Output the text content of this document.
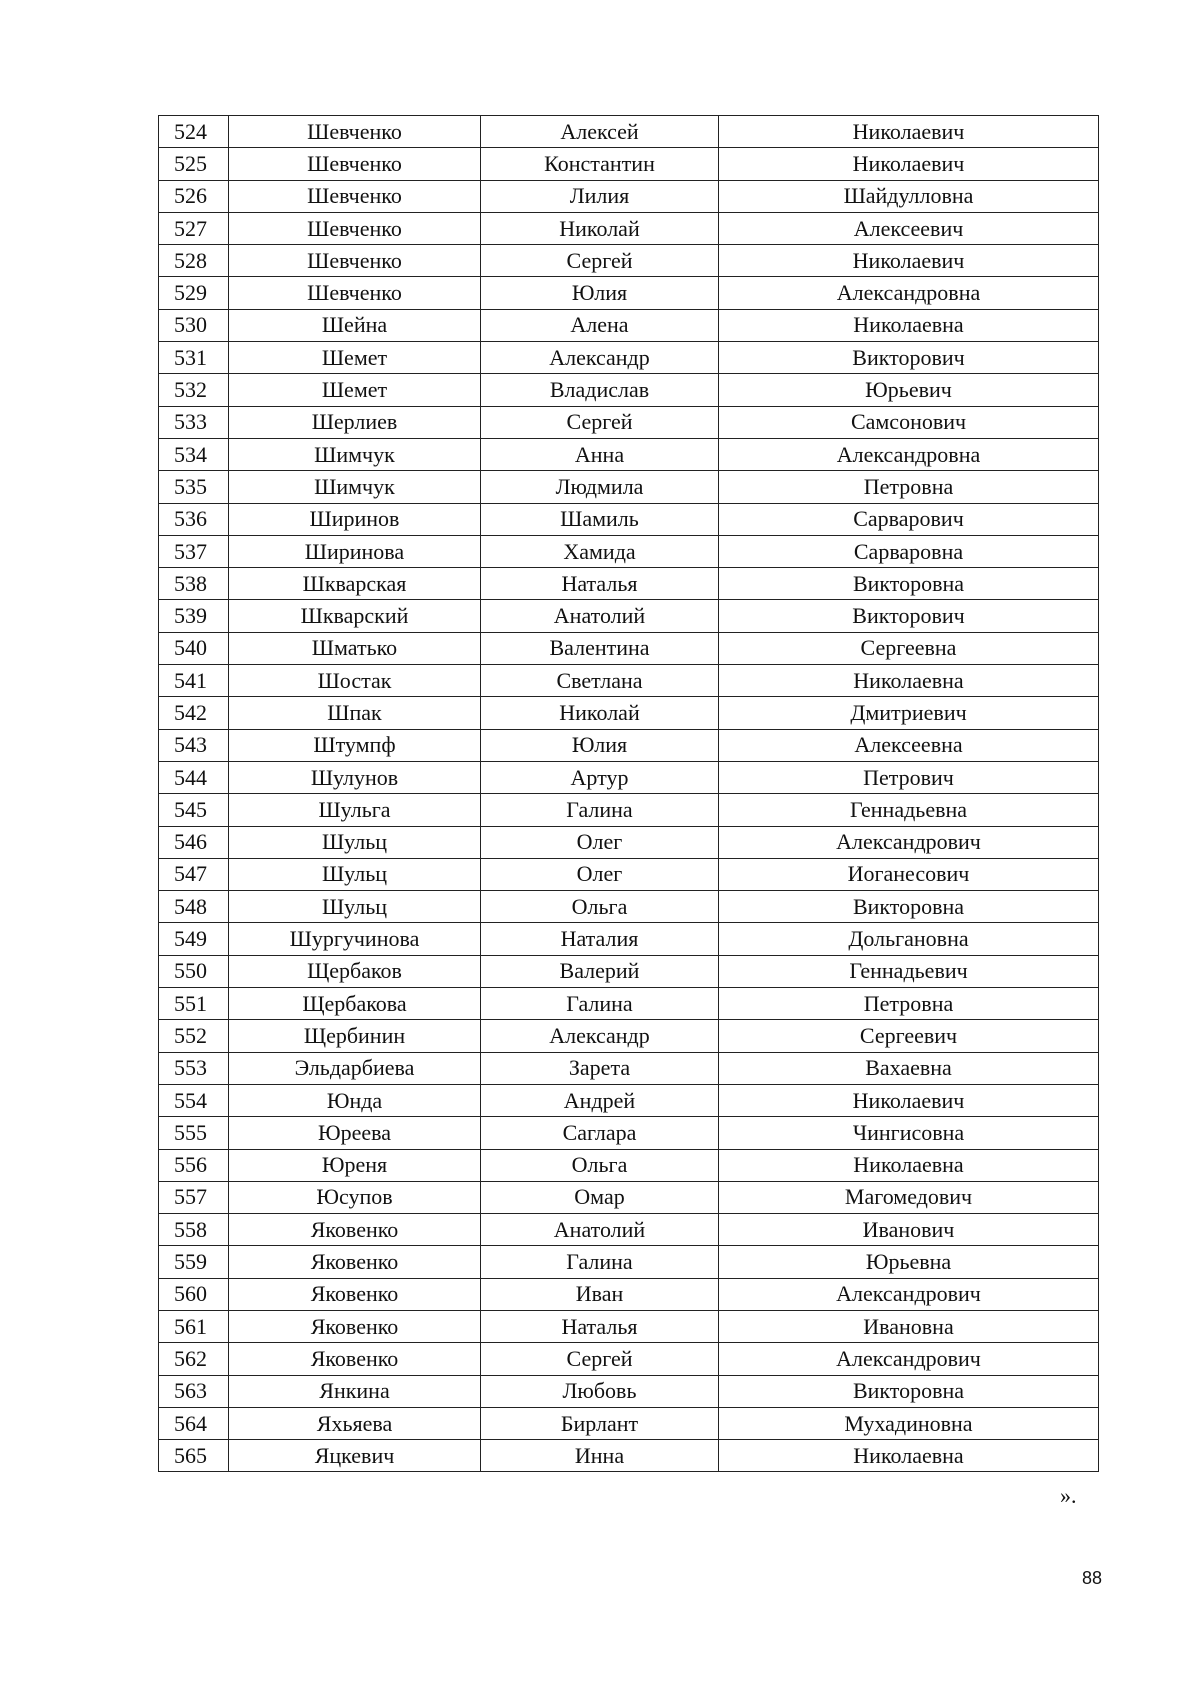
524	Шевченко	Алексей	Николаевич
525	Шевченко	Константин	Николаевич
526	Шевченко	Лилия	Шайдулловна
527	Шевченко	Николай	Алексеевич
528	Шевченко	Сергей	Николаевич
529	Шевченко	Юлия	Александровна
530	Шейна	Алена	Николаевна
531	Шемет	Александр	Викторович
532	Шемет	Владислав	Юрьевич
533	Шерлиев	Сергей	Самсонович
534	Шимчук	Анна	Александровна
535	Шимчук	Людмила	Петровна
536	Ширинов	Шамиль	Сарварович
537	Ширинова	Хамида	Сарваровна
538	Шкварская	Наталья	Викторовна
539	Шкварский	Анатолий	Викторович
540	Шматько	Валентина	Сергеевна
541	Шостак	Светлана	Николаевна
542	Шпак	Николай	Дмитриевич
543	Штумпф	Юлия	Алексеевна
544	Шулунов	Артур	Петрович
545	Шульга	Галина	Геннадьевна
546	Шульц	Олег	Александрович
547	Шульц	Олег	Иоганесович
548	Шульц	Ольга	Викторовна
549	Шургучинова	Наталия	Дольгановна
550	Щербаков	Валерий	Геннадьевич
551	Щербакова	Галина	Петровна
552	Щербинин	Александр	Сергеевич
553	Эльдарбиева	Зарета	Вахаевна
554	Юнда	Андрей	Николаевич
555	Юреева	Саглара	Чингисовна
556	Юреня	Ольга	Николаевна
557	Юсупов	Омар	Магомедович
558	Яковенко	Анатолий	Иванович
559	Яковенко	Галина	Юрьевна
560	Яковенко	Иван	Александрович
561	Яковенко	Наталья	Ивановна
562	Яковенко	Сергей	Александрович
563	Янкина	Любовь	Викторовна
564	Яхьяева	Бирлант	Мухадиновна
565	Яцкевич	Инна	Николаевна
».
88
